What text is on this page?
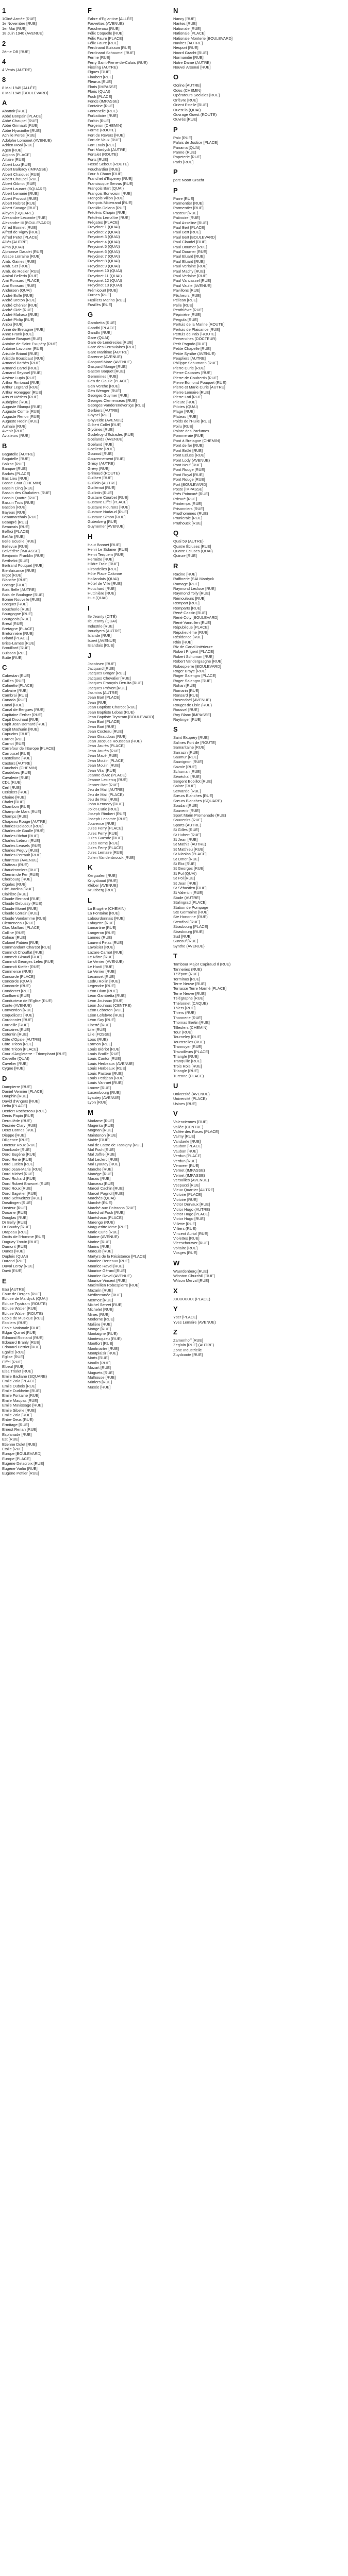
1
1Giné Armée [RUE]
1e Novembre [RUE]
1er Mai [RUE]
18 Juin 1940 (AVENUE)
2
2ème DB [RUE]
4
4 Vents (AUTRE)
8
8 Mai 1945 [ALLÉE]
8 Mai 1945 [BOULEVARD]
A
Abattoir [RUE]
Abbé Bonpain [PLACE]
Abbé Chaupel [RUE]
Abbé Grimault [RUE]
Abbé Hyacinthe [RUE]
Achille Peres [RUE]
Adolphe Lomonet (AVENUE)
Adrien Moal [RUE]
Agen [RUE]
Aiglons [PLACE]
Aillaire [RUE]
Albert Lou [RUE]
Albert Balleroy (IMPASSE)
Albert Chaiquet [RUE]
Albert Chaupel [RUE]
Albert Gibnot [RUE]
Albert Laurant (SQUARE)
Albert Lemarié [RUE]
Albert Pruvost [RUE]
Albert Rebret [RUE]
Albert Savage [RUE]
Alcyon (SQUARE)
Alexandre Lecomte [RUE]
Alexandre III [BOULEVARD]
Alfred Bonnet [RUE]
Alfred de Vigny [RUE]
Alfred Petot [PLACE]
Alliés [AUTRE]
Alma (QUAI)
Alphonse Daudet [RUE]
Alsace Lorraine [RUE]
Amb. Gaines [RUE]
Amb. Ser [RUE]
Amb. de Rosier [RUE]
Amiral Bellerin [RUE]
Ami Ronsard [PLACE]
Ami Ronsard [RUE]
Andersen (QUAI)
André Bolle [RUE]
André Breton [RUE]
André Chénier [RUE]
André Gide [RUE]
André Malraux [RUE]
André Philip [RUE]
Anjou [RUE]
Anne de Bretagne [RUE]
Anne Frank [RUE]
Antoine Bosquet [RUE]
Antoine de Saint-Exupéry [RUE]
Antoine Lavoisier [RUE]
Aristide Briand [RUE]
Aristide Boucicaut [RUE]
Armand Barbès [RUE]
Armand Carrel [RUE]
Armand Seyssel [RUE]
Arsène Lupin [RUE]
Arthur Rimbaud [RUE]
Arthur Legrand [RUE]
Arthur Honegger [RUE]
Arts et Métiers [RUE]
Aubépine [RUE]
Auguste Blanqui [RUE]
Auguste Comte [RUE]
Auguste Renoir [RUE]
Auguste Rodin [RUE]
Aulnaie [RUE]
Avenir [RUE]
Aviateurs [RUE]
B
Bagatelle [AUTRE]
Bagatelle [RUE]
Balzac [RUE]
Banque [RUE]
Barbès [PLACE]
Bas Lieu [RUE]
Basse Cour (CHEMIN)
Bassin Cinq [RUE]
Bassin des Chalutiers [RUE]
Bassin Quatre [RUE]
Bassin Trois [RUE]
Bastion [RUE]
Bayeux [RUE]
Beaumarchais [RUE]
Beaupré [RUE]
Beauvais [RUE]
Beffroi [PLACE]
Bel Air [RUE]
Belle Ecuelle [RUE]
Bellevue [RUE]
Belvédère [IMPASSE]
Benjamin Franklin [RUE]
Berthelot [RUE]
Bertrand Fouquet [RUE]
Bienfaisance [RUE]
Bigot [RUE]
Blanche [RUE]
Bocage [RUE]
Bois Belle [AUTRE]
Bois de Boulogne [RUE]
Bonne Nouvelle [RUE]
Bosquet [RUE]
Boucherie [RUE]
Bourgogne [RUE]
Bourgeois [RUE]
Brésil [RUE]
Bretagne [PLACE]
Bretonnière [RUE]
Briand [PLACE]
Brise-Lames [RUE]
Brouillard [RUE]
Buisson [RUE]
Butte [RUE]
C
Cabestan [RUE]
Cailles [RUE]
Calmette [PLACE]
Calvaire [RUE]
Cambrai [RUE]
Canada [RUE]
Canal [RUE]
Canal de Bergues [RUE]
Capitaine Ferber [RUE]
Capit Drouhaut [RUE]
Capit Jean Bernard [RUE]
Capit Mathurin [RUE]
Capucins [RUE]
Carnot [RUE]
Carnot [RUE]
Carrefour de l'Europe [PLACE]
Carrousel [RUE]
Castellane [RUE]
Castors [AUTRE]
Cauchois (CHEMIN)
Caudebec [RUE]
Cavalerie [RUE]
CDL (RUE)
Cerf [RUE]
Cerisiers [RUE]
Chaine [RUE]
Chalet [RUE]
Chambon [RUE]
Champ de Mars [RUE]
Champs [RUE]
Chapeau Rouge [AUTRE]
Charles Delacour [RUE]
Charles de Gaulle [RUE]
Charles Bichat [RUE]
Charles Lebrun [RUE]
Charles Leusels [RUE]
Charles Peguy [RUE]
Charles Perrault [RUE]
Chartreux (AVENUE)
Château (RUE)
Chaudronniers [RUE]
Chemin de Fer [RUE]
Cherbourg [RUE]
Cigales [RUE]
Cité Jardins [RUE]
Clairière [RUE]
Claude Bernard [RUE]
Claude Debussy (RUE)
Claude Monet [RUE]
Claude Lorrain [RUE]
Claude Vandamme [RUE]
Clemenceau [RUE]
Clos Maillard [PLACE]
Colline [RUE]
Colmar [RUE]
Colonel Fabien [RUE]
Commandant Charcot [RUE]
Commdt Chouffat [RUE]
Commdt Giraudi [RUE]
Commdt Georges Lelec [RUE]
Commdt Kieffer [RUE]
Commerce (RUE)
Concorde [PLACE]
Concorde (QUAI)
Concorde (RUE)
Condorcet [RUE]
Confluent [RUE]
Conducteur de l'Eglise (RUE)
Conte (AVENUE)
Convention [RUE]
Coquelicots [RUE]
Cordonnier [RUE]
Corneille [RUE]
Corsaires [RUE]
Cotentin [RUE]
Côte d'Opale [AUTRE]
Côte Tricon [RUE]
Côte Tricon [PLACE]
Cour d'Angleterre - Triomphant [RUE]
Cruvelle (QUAI)
Cuvelier [RUE]
Cygne [RUE]
D
Dampierre [RUE]
Daniel Vermier [PLACE]
Dauphin [RUE]
David d'Angers [RUE]
Delta [PLACE]
Denfert Rochereau (RUE)
Denis Papin [RUE]
Deroulède (RUE)
Désirée Clary [RUE]
Deux Bornes [RUE]
Dieppe [RUE]
Diligence [RUE]
Docteur Roux [RUE]
Dombasle [RUE]
Dord Eugène [RUE]
Dord René [RUE]
Dord Lucien [RUE]
Dord Jean-Marie [RUE]
Dord Michel [RUE]
Dord Richard [RUE]
Dord Robert Brownet (RUE)
Dord Roux [RUE]
Dord Sagelier [RUE]
Dord Schweitzer [RUE]
Dosdingen [RUE]
Dosteur [RUE]
Douane [RUE]
Douglas [RUE]
Dr Belly [RUE]
Dr Boudry [RUE]
Drapeau [RUE]
Droits de l'Homme [RUE]
Duguay Trouin [RUE]
Dumont [RUE]
Dunes [RUE]
Dupleix (QUAI)
Durand [RUE]
Duval Leroy [RUE]
Duvit [RUE]
E
Eau [AUTRE]
Eaux de Berges [RUE]
Ecluse de Mardyck (QUAI)
Ecluse Trystram (ROUTE)
Ecluse Watier [RUE]
Ecluse Watier (ROUTE)
Ecole de Musique [RUE]
Ecoliers (RUE)
Ecole Nationale [RUE]
Edgar Quinet [RUE]
Edmond Rostand [RUE]
Edouard Branly [RUE]
Edouard Herriot [RUE]
Egalité [RUE]
Eglise [RUE]
Eiffel (RUE)
Elbeuf [RUE]
Elsa Triolet [RUE]
Emile Badiane (SQUARE)
Emile Zola [PLACE]
Emile Dubois [RUE]
Emile Durkheim [RUE]
Emile Fontaine [RUE]
Emile Maupas [RUE]
Emile Mavissage [RUE]
Emile Sibelle [RUE]
Emile Zola [RUE]
Entre-Deux (RUE)
Ermitage [RUE]
Ernest Renan [RUE]
Esplanade [RUE]
Est [RUE]
Etienne Dolet [RUE]
Etoile [RUE]
Europe [BOULEVARD]
Europe [PLACE]
Eugène Delacroix [RUE]
Eugène Varlin [RUE]
Eugène Pottier [RUE]
F
Fabre d'Eglantine [ALLÉE]
Fauvettes (AVENUE)
Faucheroux [RUE]
Félix Coquelle [RUE]
Félix Faure [PLACE]
Félix Faure [RUE]
Ferdinand Buisson [RUE]
Ferdinand Schaumel [RUE]
Ferme [RUE]
Ferry Saint-Pierre-de-Calais (RUE)
Fiesling (AUTRE)
Figues [RUE]
Flaubert [RUE]
Fleurus [RUE]
Floris [IMPASSE]
Floris (QUAI)
Foch [PLACE]
Fonds (IMPASSE)
Fontaine [RUE]
Fontenelle (RUE)
Forbattoire [RUE]
Forbin [RUE]
Forgeron (CHEMIN)
Forme (ROUTE)
Fort de Revers [RUE]
Fort de Vaux [RUE]
Fort Louis [RUE]
Fort Mardyck [AUTRE]
Fortalet (ROUTE)
Forts [RUE]
Fossé Sebout (ROUTE)
Fouchardier [RUE]
Four à Chaux [RUE]
Franchet d'Esperey [RUE]
Franciscque Servas [RUE]
François Bart (QUAI)
François Bonvoisin [RUE]
François Villon [RUE]
François Mitterrand [RUE]
Franklin Delano [RUE]
Frédéric Chopin [RUE]
Frédéric Lemaître [RUE]
Frégates [PLACE]
Freycinet 1 (QUAI)
Freycinet 2 (QUAI)
Freycinet 3 (QUAI)
Freycinet 4 (QUAI)
Freycinet 5 (QUAI)
Freycinet 6 (QUAI)
Freycinet 7 (QUAI)
Freycinet 8 (QUAI)
Freycinet 9 (QUAI)
Freycinet 10 (QUAI)
Freycinet 11 (QUAI)
Freycinet 12 (QUAI)
Freycinet 13 (QUAI)
Frémicourt [RUE]
Furnes [RUE]
Fusiliers Marins [RUE]
Fusillés [RUE]
G
Gambetta [RUE]
Gandhi [PLACE]
Gandhi [RUE]
Gare (QUAI)
Gare de Lendrecies [RUE]
Gare des Ferroviaires [RUE]
Gare Maritime [AUTRE]
Garenne (AVENUE)
Gaspard Mare (AVENUE)
Gaspard Monge [RUE]
Gaston Baquet [RUE]
Gemmines [RUE]
Gén de Gaulle [PLACE]
Gén Verche [RUE]
Gén Wenger [RUE]
Georges Guymer [RUE]
Georges Clemenceau [RUE]
Georges Vanderendvortige [RUE]
Gerbiers [AUTRE]
Ghysel [RUE]
Ghyvelde (AVENUE)
Gilbert Collet [RUE]
Glycines [RUE]
Godefroy d'Estrades [RUE]
Goélands (AVENUE)
Goéland [RUE]
Goeliette [RUE]
Gounod [RUE]
Gouvernement [RUE]
Grésy (AUTRE)
Grévy [RUE]
Grimaud (ROUTE)
Guilbert [RUE]
Guillain (AUTRE)
Guillemot [RUE]
Guillotin [RUE]
Gustave Courbet [RUE]
Gustave Eiffel [PLACE]
Gustave Flourens [RUE]
Gustave Nadaud [RUE]
Gustave Simon [RUE]
Gutenberg [RUE]
Guynemer [AVENUE]
H
Haut Bonnet [RUE]
Henri Le Sidaner [RUE]
Henri Terquem [RUE]
Hermitte [RUE]
Hildre Train [RUE]
Hirondelles [RUE]
Hôte Place Calonne
Hollandais (QUAI)
Hôtel de Ville [RUE]
Houchard [RUE]
Huttinière [RUE]
Huit (QUAI)
I
Ile Jeanty (CITÉ)
Ile Jeanty (QUAI)
Industrie [RUE]
Iroudiyers (AUTRE)
Islande [RUE]
Isbert [AVENUE]
Islandais [RUE]
J
Jacobsen [RUE]
Jacquard [RUE]
Jacques Brogar [RUE]
Jacques Chevalier [RUE]
Jacques François Deruita [RUE]
Jacques Prévert [RUE]
Jasmins [AUTRE]
Jean Bart [PLACE]
Jean [RUE]
Jean Baptiste Charcot [RUE]
Jean Baptiste Lebas (RUE)
Jean Baptiste Trystram [BOULEVARD]
Jean Bart [PLACE]
Jean Bart [RUE]
Jean Cocteau [RUE]
Jean Giraudoux [RUE]
Jean Jacques Rousseau (RUE)
Jean Jaurès [PLACE]
Jean Jaurès [RUE]
Jean Macé [RUE]
Jean Moulin [PLACE]
Jean Moulin [RUE]
Jean Vilar [RUE]
Jeanne d'Arc (PLACE)
Jeanne Leclercq [RUE]
Jenner Bart [RUE]
Jeu de Mail [AUTRE]
Jeu de Mail (PLACE)
Jeu de Mail [RUE]
John Kennedy [RUE]
Joliot-Curie [RUE]
Joseph Rimbert [RUE]
Joseph Lecomte [RUE]
Jouvence [RUE]
Jules Ferry [PLACE]
Jules Ferry [RUE]
Jules Guesde [RUE]
Jules Verne [RUE]
Jules Ferry [PLACE]
Jules Lemaire [RUE]
Julien Vandenbrouck [RUE]
K
Kergualen [RUE]
Kruysbaud [RUE]
Kléber [AVENUE]
Kruisberg [RUE]
L
La Brugère (CHEMIN)
La Fontaine [RUE]
Labourdonnais [RUE]
Lafayette [RUE]
Lamartine [RUE]
Langeron [RUE]
Lannes (RUE)
Laurent Pelas [RUE]
Lavoisier [RUE]
Lazare Carnot [RUE]
Le Nôtre [RUE]
Le Verrier (AVENUE)
Le Hardi [RUE]
Le Verrier [RUE]
Lecanuet [RUE]
Ledru Rollin [RUE]
Legendre [RUE]
Léon Blum [RUE]
Léon Gambetta [RUE]
Léon Jouhaux [RUE]
Léon Jouhaux (CENTRE)
Léon Lebreton [RUE]
Léon Lefebvre [RUE]
Léon Say [RUE]
Liberté [RUE]
Lille [RUE]
Lille [FOSSE]
Loos (RUE)
Lormon [RUE]
Louis Blériot [RUE]
Louis Braille [RUE]
Louis Cantor [RUE]
Louis Herbeaux (AVENUE)
Louis Herbeaux [RUE]
Louis Pasteur [RUE]
Louis Petitjean [RUE]
Louis Vanraet [RUE]
Louvre [RUE]
Luxembourg [RUE]
Lyautey [AVENUE]
Lyon [RUE]
M
Madame [RUE]
Magenta [RUE]
Magnan [RUE]
Maintenon [RUE]
Mairie [RUE]
Mal de Lattre de Tassigny [RUE]
Mal Foch [RUE]
Mal Joffre [RUE]
Mal Leclerc [RUE]
Mal Lyautey [RUE]
Manche [RUE]
Manège [RUE]
Marais [RUE]
Marceau [RUE]
Marcel Cachin [RUE]
Marcel Pagnol [RUE]
Marchés (QUAI)
Marché (RUE)
Marché aux Poissons [RUE]
Maréchal Foch [RUE]
Maréchaux [PLACE]
Marengo (RUE)
Margueritte Mme [RUE]
Marie Curie [RUE]
Marine (AVENUE)
Marine [RUE]
Marins [RUE]
Marquis [RUE]
Martyrs de la Résistance [PLACE]
Maurice Berteaux [RUE]
Maurice Ravel [RUE]
Maurice Gérard [RUE]
Maurice Ravel (AVENUE)
Maurice Vincent [RUE]
Maximilien Robespierre [RUE]
Mazarin [RUE]
Méditerranée [RUE]
Mermoz [RUE]
Michel Servet [RUE]
Michelet [RUE]
Mines [RUE]
Moderne [RUE]
Molière [RUE]
Monge [RUE]
Montaigne (RUE)
Montesquieu (RUE)
Montfort [RUE]
Montmartre [RUE]
Montplaisir [RUE]
Morts [RUE]
Moulin [RUE]
Mozart [RUE]
Muguets [RUE]
Mulhouse [RUE]
Mûriers [RUE]
Musée [RUE]
N
Nancy [RUE]
Nantes [RUE]
Nationale [RUE]
Nationale [PLACE]
Nationale Monterie [BOULEVARD]
Navires [AUTRE]
Neuport [RUE]
Noord Gracht [RUE]
Normandie [RUE]
Notre Dame (AUTRE)
Nouvel Arsenal [RUE]
O
Ocrine [AUTRE]
Odes (CHEMIN)
Opérateurs Sociales [RUE]
Orfèvre [RUE]
Orient Estelle [RUE]
Ouest la (QUAI)
Ouvrage Ouest (ROUTE)
Ouvrés [RUE]
P
Paix [RUE]
Palais de Justice [PLACE]
Panama [QUAI]
Panne (RUE)
Papeterie [RUE]
Paris [RUE]
P
parc Noort Gracht
P
Parre [RUE]
Parmentier [RUE]
Parmentier [RUE]
Pasteur [RUE]
Patinoire [RUE]
Paul Asseline [RUE]
Paul Bert [PLACE]
Paul Bert [RUE]
Paul Bert [BOULEVARD]
Paul Claudel [RUE]
Paul Doumer [RUE]
Paul Doumer [RUE]
Paul Eluard [RUE]
Paul Eluard [RUE]
Paul Verlaine [RUE]
Paul Machy [RUE]
Paul Verlaine [RUE]
Paul Vancassel [RUE]
Paul Vaulle [AVENUE]
Pavillons [RUE]
Pêcheurs [RUE]
Pélican [RUE]
Pelle [RUE]
Penthièvre [RUE]
Pépinière [RUE]
Pergola [RUE]
Pertuis de la Marine [ROUTE]
Pertuis de Plaisance [RUE]
Pertuis de Paix [ROUTE]
Pervenches (DOCTEUR)
Petit Pagodo [RUE]
Petite Chapelle [RUE]
Petite Synthe (AVENUE)
Peupliers [AUTRE]
Philippe Schumann [RUE]
Pierre Curie [RUE]
Pierre Cabanes [RUE]
Pierre de Coubertin [RUE]
Pierre Edmond Pouquet (RUE)
Pierre et Marie Curie [AUTRE]
Pierre Lemaire [RUE]
Pierre Loti [RUE]
Pileure [RUE]
Pilotes (QUAI)
Plage [RUE]
Plateau [RUE]
Poids de l'Huile [RUE]
Poilu [RUE]
Pointe des Parfumes
Pommeraie [RUE]
Pont à Bretagne (CHEMIN)
Pont de fer [RUE]
Pont Brûlé [RUE]
Pont Ecluse [RUE]
Pont Lody (AVENUE)
Pont Neuf [RUE]
Pont Rouge [RUE]
Pont Royal [RUE]
Pont Rouge [RUE]
Port [BOULEVARD]
Poste [IMPASSE]
Prés Poincaré [RUE]
Prieuré [RUE]
Printemps [RUE]
Prisonniers [RUE]
Prudhommes (RUE)
Prunieraie [RUE]
Pruthouck [RUE]
Q
Quai 59 (AUTRE)
Quatre Écluses [RUE]
Quatre Ecluses (QUAI)
Quinze [RUE]
R
Racine [RUE]
Raffinerie (SAI Mardyck
Ramage [RUE]
Raymond Lecluse [RUE]
Raymond Tolly [RUE]
Rémouleurs [RUE]
Rempart [RUE]
Remparts [RUE]
René Cassin [RUE]
René Coty [BOULEVARD]
René Vanrullen [RUE]
République [PLACE]
Répulieulème [RUE]
Résidence [RUE]
Rhin [RUE]
Riz de Canal Intérieure
Robert Prigent [PLACE]
Robert Schuman [RUE]
Robert Vandergaeghe [RUE]
Robespierre [BOULEVARD]
Roger Braye [RUE]
Roger Salengro [PLACE]
Roger Salengro [RUE]
Rohan [RUE]
Romarin [RUE]
Ronsard [RUE]
Rosendaël (AVENUE)
Rouget de Lisle (RUE)
Roussel [RUE]
Roy Blanc [IMPASSE]
Ruytinger [RUE]
S
Saint Exupéry [RUE]
Salines Fort de [ROUTE]
Samaritaine [RUE]
Sarrazin [RUE]
Saumur [RUE]
Sauvignon [RUE]
Savoie [RUE]
Schuman [RUE]
Sénéchal [RUE]
Sergent Bobillot [RUE]
Sainte [RUE]
Servantie [RUE]
Sœurs Blanches [RUE]
Sœurs Blanches (SQUARE)
Soudan [RUE]
Souvenir [RUE]
Sport Marin Promenade (RUE)
Souvenirs (RUE)
Sports (AUTRE)
St Gilles [RUE]
St Hubert [RUE]
St Jean [RUE]
St Mathis (AUTRE)
St Matthieu [RUE]
St Nicolas [PLACE]
St Omer [RUE]
St Eloi [RUE]
St Georges [RUE]
St Pol (QUAI)
St Pol [RUE]
St Jean [RUE]
St Sébastien [RUE]
St Valentin [RUE]
Stade (AUTRE)
Stalingrad [PLACE]
Station de Pompage
Ste Germaine [RUE]
Ste Honorine (RUE)
Stendhal [RUE]
Strasbourg [PLACE]
Strasbourg [RUE]
Sud [RUE]
Surcouf [RUE]
Synthe (AVENUE)
T
Tambour Major Capiraud Il (RUE)
Tanneries (RUE)
Téléport (RUE)
Terminus [RUE]
Terre Neuve [RUE]
Terrasse Terre Normè [PLACE]
Terre Neuve [RUE]
Télégraphe [RUE]
Thélonnet (CAQUE)
Thiers [RUE]
Thiers (RUE)
Thonnerie [RUE]
Thomas Bertin [RUE]
Tilleulers (CHEMIN)
Tour (RUE)
Tourneley [RUE]
Tourterelles (RUE)
Trannoyer [RUE]
Travailleurs [PLACE]
Triangle [RUE]
Tranquille [RUE]
Trois Rois [RUE]
Triangle [RUE]
Turenne (PLACE)
U
Université (AVENUE)
Université (PLACE)
Usines [RUE]
V
Valenciennes [RUE]
Vallée (CENTRE)
Vallée des Roses [PLACE]
Valmy [RUE]
Vandaele [RUE]
Vaubon [PLACE]
Vauban [RUE]
Verdun [PLACE]
Verdun [RUE]
Vermeer [RUE]
Vernet (IMPASSE)
Vernet (IMPASSE)
Versailles (AVENUE)
Vespucci [RUE]
Vieux Quartier [AUTRE]
Victoire [PLACE]
Victoire [RUE]
Victor Dervaux [RUE]
Victor Hugo (AUTRE)
Victor Hugo [PLACE]
Victor Hugo [RUE]
Villette [RUE]
Villiers (RUE)
Vincent Auriol [RUE]
Violettes [RUE]
Vleeschouwer [RUE]
Voltaire [RUE]
Vosges [RUE]
W
Waerdenberg [RUE]
Winston Churchill [RUE]
Wilson Merval [RUE]
X
XXXXXXXX (PLACE)
Y
Yser [PLACE]
Yves Lemaire (AVENUE)
Z
Zamenhoff [RUE]
Zeglain [RUE] (AUTRE)
Zone Industrielle
Zuydcoote [RUE]
